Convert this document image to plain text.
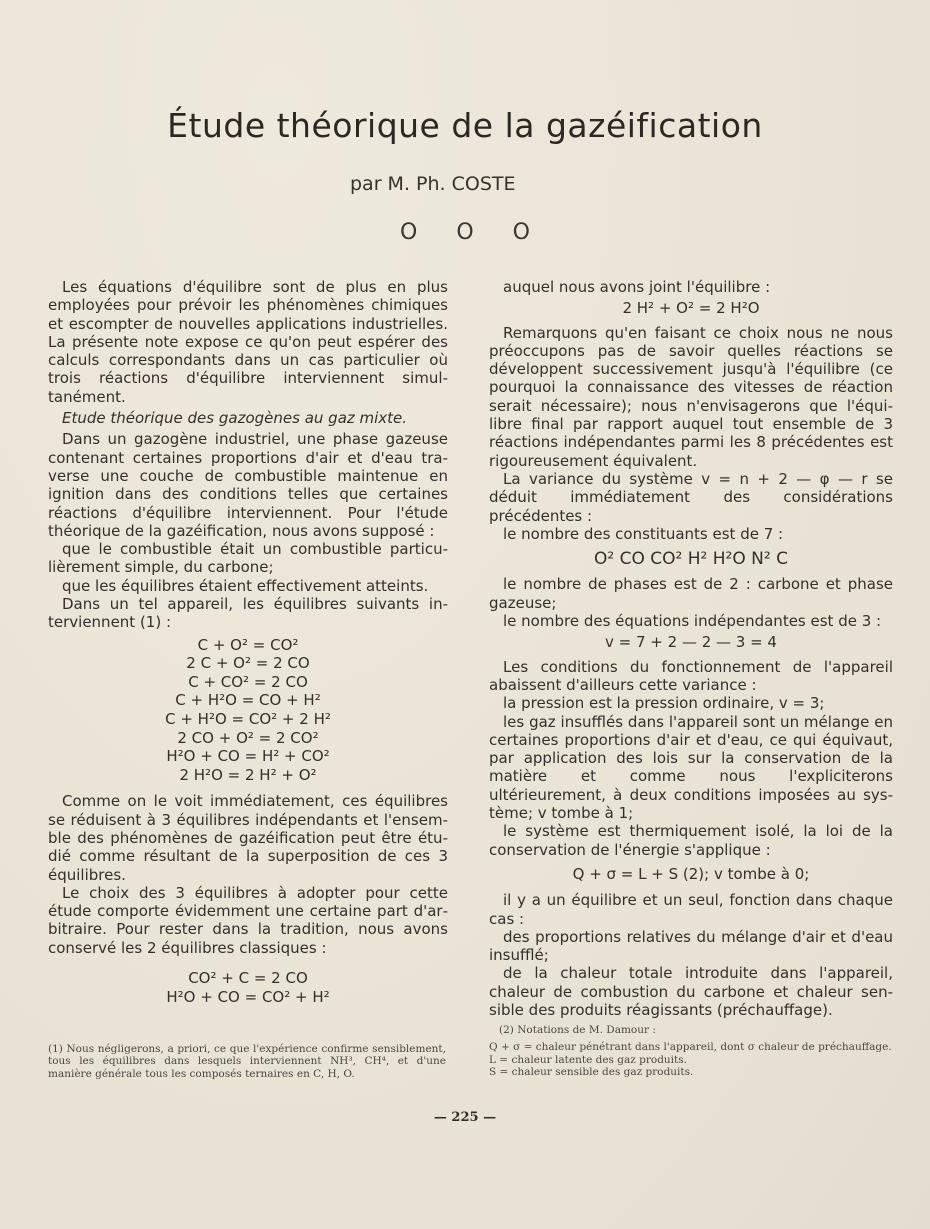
Étude théorique de la gazéification
par M. Ph. COSTE
O O O

Les équations d'équilibre sont de plus en plus employées pour prévoir les phénomènes chimiques et escompter de nouvelles applications industrielles. La présente note expose ce qu'on peut espérer des calculs correspondants dans un cas particulier où trois réactions d'équilibre interviennent simultanément.

Etude théorique des gazogènes au gaz mixte.

Dans un gazogène industriel, une phase gazeuse contenant certaines proportions d'air et d'eau traverse une couche de combustible maintenue en ignition dans des conditions telles que certaines réactions d'équilibre interviennent. Pour l'étude théorique de la gazéification, nous avons supposé :

que le combustible était un combustible particulièrement simple, du carbone;

que les équilibres étaient effectivement atteints.

Dans un tel appareil, les équilibres suivants interviennent (1) :

C + O² = CO²
2 C + O² = 2 CO
C + CO² = 2 CO
C + H²O = CO + H²
C + H²O = CO² + 2 H²
2 CO + O² = 2 CO²
H²O + CO = H² + CO²
2 H²O = 2 H² + O²

Comme on le voit immédiatement, ces équilibres se réduisent à 3 équilibres indépendants et l'ensemble des phénomènes de gazéification peut être étudié comme résultant de la superposition de ces 3 équilibres.

Le choix des 3 équilibres à adopter pour cette étude comporte évidemment une certaine part d'arbitraire. Pour rester dans la tradition, nous avons conservé les 2 équilibres classiques :

CO² + C = 2 CO
H²O + CO = CO² + H²
(1) Nous négligerons, a priori, ce que l'expérience confirme sensiblement, tous les équilibres dans lesquels interviennent NH³, CH⁴, et d'une manière générale tous les composés ternaires en C, H, O.

auquel nous avons joint l'équilibre :

2 H² + O² = 2 H²O

Remarquons qu'en faisant ce choix nous ne nous préoccupons pas de savoir quelles réactions se développent successivement jusqu'à l'équilibre (ce pourquoi la connaissance des vitesses de réaction serait nécessaire); nous n'envisagerons que l'équilibre final par rapport auquel tout ensemble de 3 réactions indépendantes parmi les 8 précédentes est rigoureusement équivalent.

La variance du système v = n + 2 — φ — r se déduit immédiatement des considérations précédentes :

le nombre des constituants est de 7 :

O² CO CO² H² H²O N² C

le nombre de phases est de 2 : carbone et phase gazeuse;

le nombre des équations indépendantes est de 3 :

v = 7 + 2 — 2 — 3 = 4

Les conditions du fonctionnement de l'appareil abaissent d'ailleurs cette variance :

la pression est la pression ordinaire, v = 3;

les gaz insufflés dans l'appareil sont un mélange en certaines proportions d'air et d'eau, ce qui équivaut, par application des lois sur la conservation de la matière et comme nous l'expliciterons ultérieurement, à deux conditions imposées au système; v tombe à 1;

le système est thermiquement isolé, la loi de la conservation de l'énergie s'applique :

Q + σ = L + S (2); v tombe à 0;

il y a un équilibre et un seul, fonction dans chaque cas :

des proportions relatives du mélange d'air et d'eau insufflé;

de la chaleur totale introduite dans l'appareil, chaleur de combustion du carbone et chaleur sensible des produits réagissants (préchauffage).

(2) Notations de M. Damour :
Q + σ = chaleur pénétrant dans l'appareil, dont σ chaleur de préchauffage.
L = chaleur latente des gaz produits.
S = chaleur sensible des gaz produits.
— 225 —
